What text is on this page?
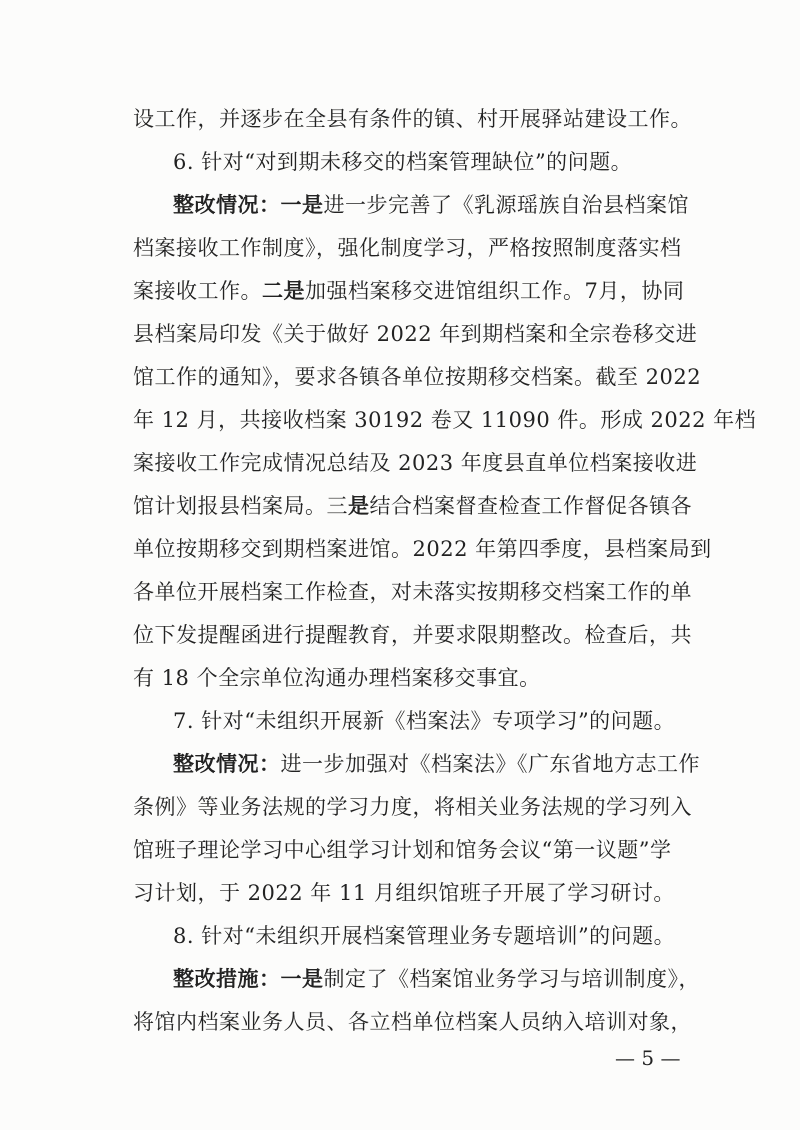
设工作，并逐步在全县有条件的镇、村开展驿站建设工作。
6. 针对“对到期未移交的档案管理缺位”的问题。
整改情况：一是进一步完善了《乳源瑶族自治县档案馆
档案接收工作制度》，强化制度学习，严格按照制度落实档
案接收工作。二是加强档案移交进馆组织工作。7月，协同
县档案局印发《关于做好 2022 年到期档案和全宗卷移交进
馆工作的通知》，要求各镇各单位按期移交档案。截至 2022
年 12 月，共接收档案 30192 卷又 11090 件。形成 2022 年档
案接收工作完成情况总结及 2023 年度县直单位档案接收进
馆计划报县档案局。三是结合档案督查检查工作督促各镇各
单位按期移交到期档案进馆。2022 年第四季度，县档案局到
各单位开展档案工作检查，对未落实按期移交档案工作的单
位下发提醒函进行提醒教育，并要求限期整改。检查后，共
有 18 个全宗单位沟通办理档案移交事宜。
7. 针对“未组织开展新《档案法》专项学习”的问题。
整改情况：进一步加强对《档案法》《广东省地方志工作
条例》等业务法规的学习力度，将相关业务法规的学习列入
馆班子理论学习中心组学习计划和馆务会议“第一议题”学
习计划，于 2022 年 11 月组织馆班子开展了学习研讨。
8. 针对“未组织开展档案管理业务专题培训”的问题。
整改措施：一是制定了《档案馆业务学习与培训制度》，
将馆内档案业务人员、各立档单位档案人员纳入培训对象，
— 5 —
